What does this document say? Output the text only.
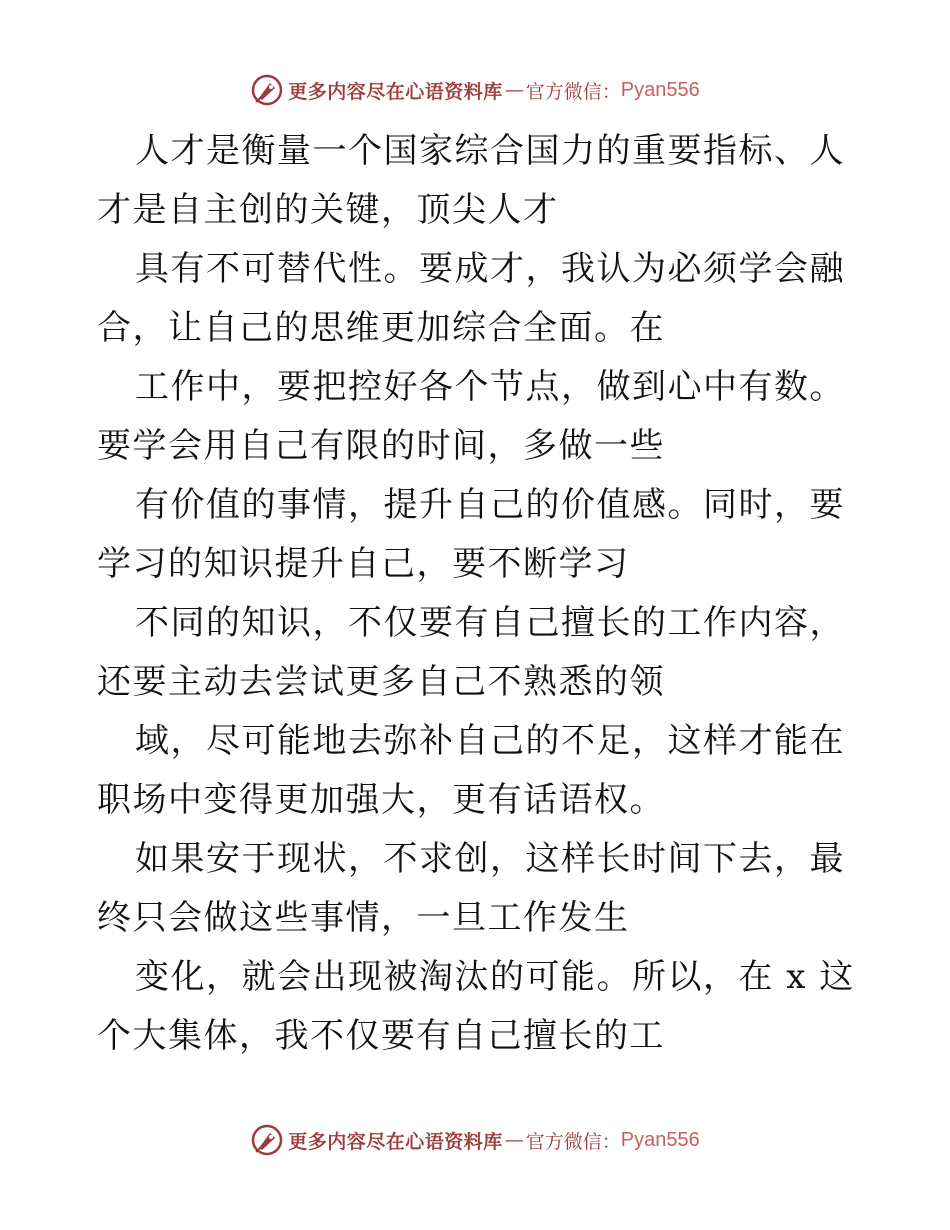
更多内容尽在心语资料库 — 官方微信： Pyan556

人才是衡量一个国家综合国力的重要指标、人才是自主创的关键，顶尖人才

具有不可替代性。要成才，我认为必须学会融合，让自己的思维更加综合全面。在

工作中，要把控好各个节点，做到心中有数。要学会用自己有限的时间，多做一些

有价值的事情，提升自己的价值感。同时，要学习的知识提升自己，要不断学习

不同的知识，不仅要有自己擅长的工作内容，还要主动去尝试更多自己不熟悉的领

域，尽可能地去弥补自己的不足，这样才能在职场中变得更加强大，更有话语权。

如果安于现状，不求创，这样长时间下去，最终只会做这些事情，一旦工作发生

变化，就会出现被淘汰的可能。所以，在 x 这个大集体，我不仅要有自己擅长的工

更多内容尽在心语资料库 — 官方微信： Pyan556
